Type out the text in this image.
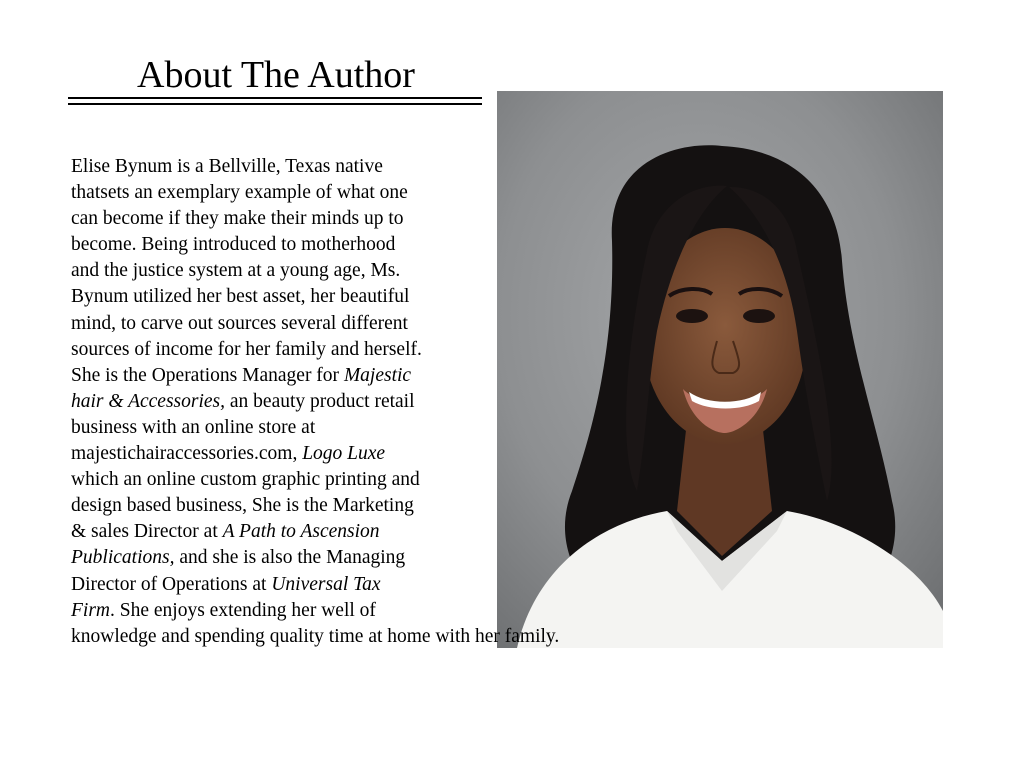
About The Author
Elise Bynum is a Bellville, Texas native
thatsets an exemplary example of what one
can become if they make their minds up to
become. Being introduced to motherhood
and the justice system at a young age, Ms.
Bynum utilized her best asset, her beautiful
mind, to carve out sources several different
sources of income for her family and herself.
She is the Operations Manager for Majestic
hair & Accessories, an beauty product retail
business with an online store at
majestichairaccessories.com, Logo Luxe
which an online custom graphic printing and
design based business, She is the Marketing
& sales Director at A Path to Ascension
Publications, and she is also the Managing
Director of Operations at Universal Tax
Firm. She enjoys extending her well of
knowledge and spending quality time at home with her family.
